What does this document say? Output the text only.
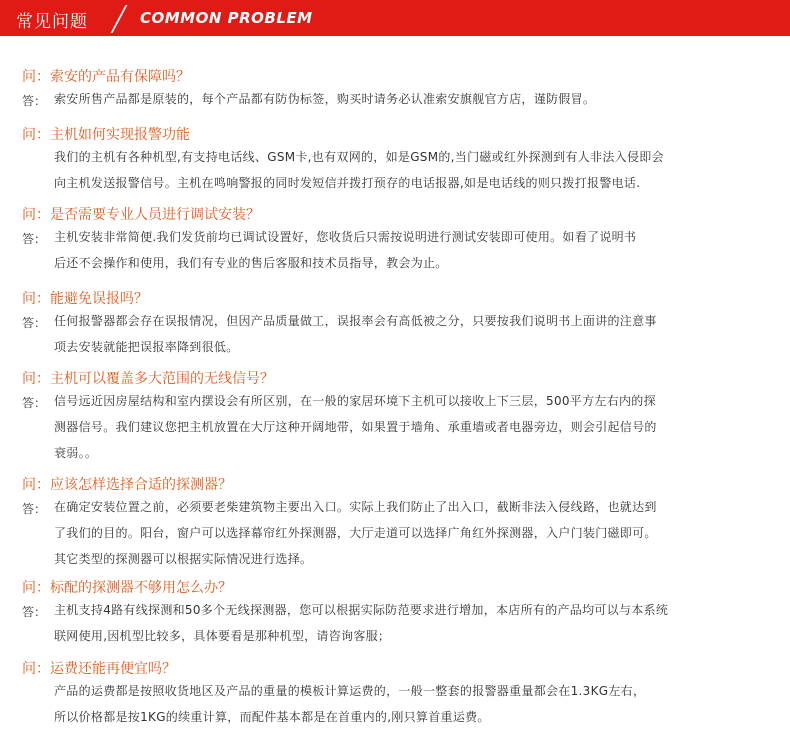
常见问题	COMMON PROBLEM
问：索安的产品有保障吗？
答： 索安所售产品都是原装的，每个产品都有防伪标签，购买时请务必认准索安旗舰官方店，谨防假冒。
问：主机如何实现报警功能
我们的主机有各种机型,有支持电话线、GSM卡,也有双网的，如是GSM的,当门磁或红外探测到有人非法入侵即会
向主机发送报警信号。主机在鸣响警报的同时发短信并拨打预存的电话报器,如是电话线的则只拨打报警电话.
问：是否需要专业人员进行调试安装？
答： 主机安装非常简便.我们发货前均已调试设置好，您收货后只需按说明进行测试安装即可使用。如看了说明书
后还不会操作和使用，我们有专业的售后客服和技术员指导，教会为止。
问：能避免误报吗？
答： 任何报警器都会存在误报情况，但因产品质量做工，误报率会有高低被之分，只要按我们说明书上面讲的注意事
项去安装就能把误报率降到很低。
问：主机可以覆盖多大范围的无线信号？
答： 信号远近因房屋结构和室内摆设会有所区别，在一般的家居环境下主机可以接收上下三层，500平方左右内的探
测器信号。我们建议您把主机放置在大厅这种开阔地带，如果置于墙角、承重墙或者电器旁边，则会引起信号的
衰弱。。
问：应该怎样选择合适的探测器？
答： 在确定安装位置之前，必须要老柴建筑物主要出入口。实际上我们防止了出入口，截断非法入侵线路，也就达到
了我们的目的。阳台，窗户可以选择幕帘红外探测器，大厅走道可以选择广角红外探测器，入户门装门磁即可。
其它类型的探测器可以根据实际情况进行选择。
问：标配的探测器不够用怎么办？
答： 主机支持4路有线探测和50多个无线探测器，您可以根据实际防范要求进行增加，本店所有的产品均可以与本系统
联网使用,因机型比较多，具体要看是那种机型，请咨询客服；
问：运费还能再便宜吗？
产品的运费都是按照收货地区及产品的重量的模板计算运费的，一般一整套的报警器重量都会在1.3KG左右，
所以价格都是按1KG的续重计算，而配件基本都是在首重内的,刚只算首重运费。
